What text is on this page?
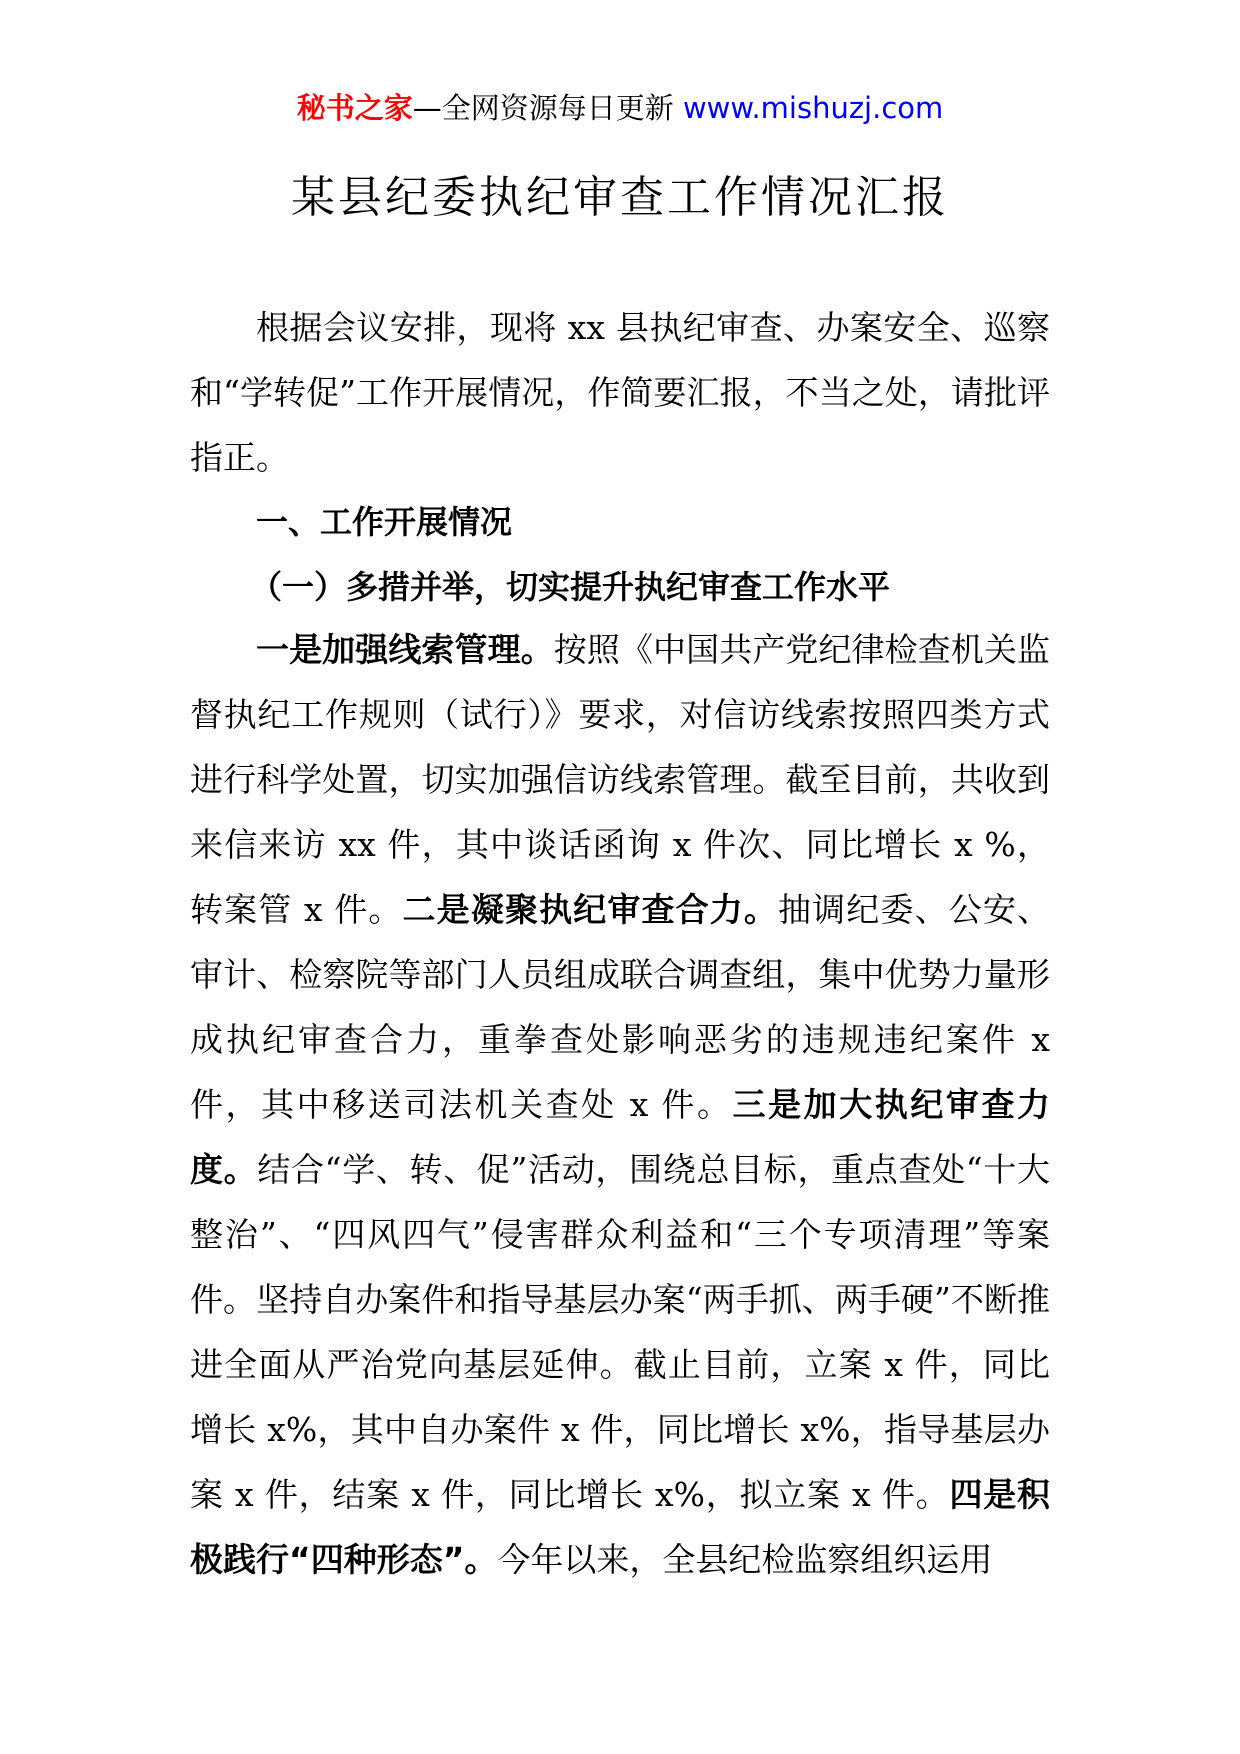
秘书之家—全网资源每日更新 www.mishuzj.com
某县纪委执纪审查工作情况汇报

根据会议安排，现将 xx 县执纪审查、办案安全、巡察和“学转促”工作开展情况，作简要汇报，不当之处，请批评指正。

一、工作开展情况
（一）多措并举，切实提升执纪审查工作水平

一是加强线索管理。按照《中国共产党纪律检查机关监督执纪工作规则（试行）》要求，对信访线索按照四类方式进行科学处置，切实加强信访线索管理。截至目前，共收到来信来访 xx 件，其中谈话函询 x 件次、同比增长 x %，转案管 x 件。二是凝聚执纪审查合力。抽调纪委、公安、审计、检察院等部门人员组成联合调查组，集中优势力量形成执纪审查合力，重拳查处影响恶劣的违规违纪案件 x 件，其中移送司法机关查处 x 件。三是加大执纪审查力度。结合“学、转、促”活动，围绕总目标，重点查处“十大整治”、“四风四气”侵害群众利益和“三个专项清理”等案件。坚持自办案件和指导基层办案“两手抓、两手硬”不断推进全面从严治党向基层延伸。截止目前，立案 x 件，同比增长 x%，其中自办案件 x 件，同比增长 x%，指导基层办案 x 件，结案 x 件，同比增长 x%，拟立案 x 件。四是积极践行“四种形态”。今年以来，全县纪检监察组织运用
